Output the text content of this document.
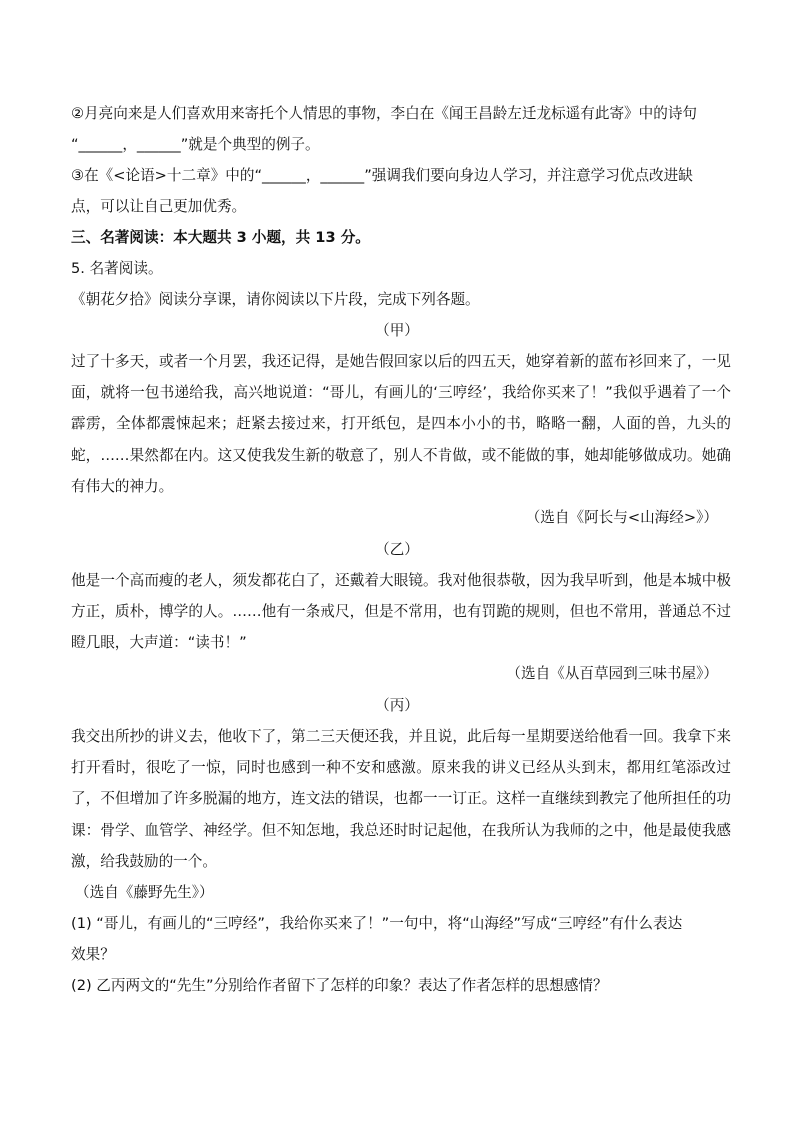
②月亮向来是人们喜欢用来寄托个人情思的事物，李白在《闻王昌龄左迁龙标遥有此寄》中的诗句
“______，______”就是个典型的例子。
③在《<论语>十二章》中的“______，______”强调我们要向身边人学习，并注意学习优点改进缺
点，可以让自己更加优秀。
三、名著阅读：本大题共 3 小题，共 13 分。
5. 名著阅读。
《朝花夕拾》阅读分享课，请你阅读以下片段，完成下列各题。
（甲）
过了十多天，或者一个月罢，我还记得，是她告假回家以后的四五天，她穿着新的蓝布衫回来了，一见面，就将一包书递给我，高兴地说道：“哥儿，有画儿的‘三哼经’，我给你买来了！”我似乎遇着了一个霹雳，全体都震悚起来；赶紧去接过来，打开纸包，是四本小小的书，略略一翻，人面的兽，九头的蛇，……果然都在内。这又使我发生新的敬意了，别人不肯做，或不能做的事，她却能够做成功。她确有伟大的神力。
（选自《阿长与<山海经>》）
（乙）
他是一个高而瘦的老人，须发都花白了，还戴着大眼镜。我对他很恭敬，因为我早听到，他是本城中极方正，质朴，博学的人。……他有一条戒尺，但是不常用，也有罚跪的规则，但也不常用，普通总不过瞪几眼，大声道：“读书！”
（选自《从百草园到三味书屋》）
（丙）
我交出所抄的讲义去，他收下了，第二三天便还我，并且说，此后每一星期要送给他看一回。我拿下来打开看时，很吃了一惊，同时也感到一种不安和感激。原来我的讲义已经从头到末，都用红笔添改过了，不但增加了许多脱漏的地方，连文法的错误，也都一一订正。这样一直继续到教完了他所担任的功课：骨学、血管学、神经学。但不知怎地，我总还时时记起他，在我所认为我师的之中，他是最使我感激，给我鼓励的一个。
（选自《藤野先生》）
(1) “哥儿，有画儿的“三哼经”，我给你买来了！”一句中，将“山海经”写成“三哼经”有什么表达
效果？
(2) 乙丙两文的“先生”分别给作者留下了怎样的印象？表达了作者怎样的思想感情？
